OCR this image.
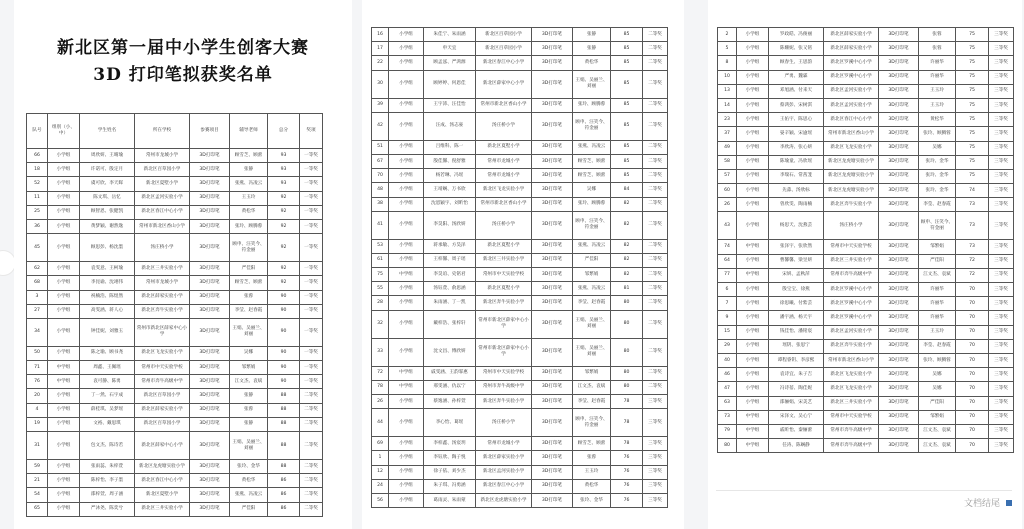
新北区第一届中小学生创客大赛
3D 打印笔拟获奖名单
队号	组别（小、中）	学生姓名	所在学校	参赛项目	辅导老师	总分	奖项
66	小学组	周欣妍、王晴瑜	常州市龙城小学	3D打印笔	顾雪芝、顾蕾	93	一等奖
18	小学组	许诺可、殷定月	新北区百草园小学	3D打印笔	张静	93	一等奖
52	小学组	虞可欣、李天晖	新北区夏墅小学	3D打印笔	张燕、冯凌云	93	一等奖
11	小学组	陈文琪、岳忆	新北区孟河实验小学	3D打印笔	王玉玲	92	一等奖
25	小学组	顾智恩、张健凯	新北区春江中心小学	3D打印笔	黄松华	92	一等奖
36	小学组	黄梦颖、谢然逸	常州市新北区香山小学	3D打印笔	张玲、顾腾蓉	92	一等奖
45	小学组	顾思彭、杨沈墨	汤庄桥小学	3D打印笔	顾申、汪笑今、符金丽	92	一等奖
62	小学组	袁雯意、王柯瑜	新北区三井实验小学	3D打印笔	严佳阳	92	一等奖
68	小学组	李昆谕、沈翊伟	常州市龙城小学	3D打印笔	顾雪芝、顾蕾	92	一等奖
3	小学组	祝楠浩、陈煜然	新北区薛家实验小学	3D打印笔	张蓉	90	一等奖
27	小学组	高雯涵、蒋人心	新北区奔牛实验小学	3D打印笔	李莹、赵春霞	90	一等奖
34	小学组	钟佳妮、刘雅玉	常州市新北区薛家中心小学	3D打印笔	王娟、吴丽兰、刘丽	90	一等奖
50	小学组	陈之瑜、顾书尧	新北区飞龙实验小学	3D打印笔	吴娜	90	一等奖
71	中学组	周鑫、王佩瑶	常州市中天实验学校	3D打印笔	邹繁娟	90	一等奖
76	中学组	袁可静、陈勇	常州市奔牛高级中学	3D打印笔	江文杰、袁斌	90	一等奖
20	小学组	丁一然、石宇成	新北区百草园小学	3D打印笔	张静	88	二等奖
4	小学组	薛桂琪、吴梦瑶	新北区薛家实验小学	3D打印笔	张蓉	88	二等奖
19	小学组	文裕、戴思琪	新北区百草园小学	3D打印笔	张静	88	二等奖
31	小学组	包文杰、陈诗若	新北区薛家中心小学	3D打印笔	王娟、吴丽兰、刘丽	88	二等奖
59	小学组	张雨蕊、朱梓萱	新北区龙虎塘实验小学	3D打印笔	张玲、金华	88	二等奖
21	小学组	陈梓怡、李子墨	新北区春江中心小学	3D打印笔	黄松华	86	二等奖
54	小学组	邵梓萱、周子涵	新北区夏墅小学	3D打印笔	张燕、冯凌云	86	二等奖
65	小学组	严沐尧、陈奕兮	新北区三井实验小学	3D打印笔	严佳阳	86	二等奖
16	小学组	朱佳宁、朱雨涵	新北区百草园小学	3D打印笔	张静	85	二等奖
17	小学组	申天宜	新北区百草园小学	3D打印笔	张静	85	二等奖
22	小学组	顾孟泓、严鸿源	新北区春江中心小学	3D打印笔	黄松华	85	二等奖
30	小学组	顾婷婷、何恩佳	新北区薛家中心小学	3D打印笔	王娟、吴丽兰、刘丽	85	二等奖
39	小学组	王宇沛、汪佳怡	常州市新北区香山小学	3D打印笔	张玲、顾腾蓉	85	二等奖
42	小学组	汪成、汤志豪	汤庄桥小学	3D打印笔	顾申、汪笑今、符金丽	85	二等奖
51	小学组	吕维科、陈一	新北区夏墅小学	3D打印笔	张燕、冯凌云	85	二等奖
67	小学组	殷佳馨、倪舒雅	常州市龙城小学	3D打印笔	顾雪芝、顾蕾	85	二等奖
70	小学组	杨若琳、冯瑶	常州市龙城小学	3D打印笔	顾雪芝、顾蕾	85	二等奖
48	小学组	王靖娴、万书欣	新北区飞龙实验小学	3D打印笔	吴娜	84	二等奖
38	小学组	沈恩颖宇、刘昕怡	常州市新北区香山小学	3D打印笔	张玲、顾腾蓉	82	二等奖
41	小学组	李昊阳、汤欣妍	汤庄桥小学	3D打印笔	顾申、汪笑今、符金丽	82	二等奖
53	小学组	蒋承敏、方昊泽	新北区夏墅小学	3D打印笔	张燕、冯凌云	82	二等奖
61	小学组	王梓馨、周子瑶	新北区三井实验小学	3D打印笔	严佳阳	82	二等奖
75	中学组	李昊谊、史铭君	常州市中天实验学校	3D打印笔	邹繁娟	82	二等奖
55	小学组	汤钰萱、俞思涵	新北区夏墅小学	3D打印笔	张燕、冯凌云	81	二等奖
28	小学组	朱雨涵、丁一凯	新北区奔牛实验小学	3D打印笔	李莹、赵春霞	80	二等奖
32	小学组	戴梓浩、张梓轩	常州市新北区薛家中心小学	3D打印笔	王娟、吴丽兰、刘丽	80	二等奖
33	小学组	沈文昌、傅欣妍	常州市新北区薛家中心小学	3D打印笔	王娟、吴丽兰、刘丽	80	二等奖
72	中学组	戚雯涵、王韵霏惠	常州市中天实验学校	3D打印笔	邹繁娟	80	二等奖
78	中学组	邢雯涵、仇以宁	常州市奔牛高级中学	3D打印笔	江文杰、袁斌	80	二等奖
26	小学组	蔡逸涵、孙梓萱	新北区奔牛实验小学	3D打印笔	李莹、赵春霞	78	三等奖
44	小学组	李心怡、葛瑶	汤庄桥小学	3D打印笔	顾申、汪笑今、符金丽	78	三等奖
69	小学组	李梓鑫、汤宸玥	常州市龙城小学	3D打印笔	顾雪芝、顾蕾	78	三等奖
1	小学组	李钰欣、陶子悦	新北区薛家实验小学	3D打印笔	张蓉	76	三等奖
12	小学组	徐子依、刘少杰	新北区孟河实验小学	3D打印笔	王玉玲	76	三等奖
24	小学组	朱子琪、冯勇涵	新北区春江中心小学	3D打印笔	黄松华	76	三等奖
56	小学组	葛雨灵、朱雨蒙	新北区龙虎塘实验小学	3D打印笔	张玲、金华	76	三等奖
2	小学组	罗政皓、冯俊丽	新北区薛家实验小学	3D打印笔	张蓉	75	三等奖
5	小学组	陈姗妮、张又铭	新北区薛家实验小学	3D打印笔	张蓉	75	三等奖
8	小学组	顾春生、王思韵	新北区罗溪中心小学	3D打印笔	许丽华	75	三等奖
10	小学组	严勇、魏霖	新北区罗溪中心小学	3D打印笔	许丽华	75	三等奖
13	小学组	邓旭涵、付来天	新北区孟河实验小学	3D打印笔	王玉玲	75	三等奖
14	小学组	蔡鸿彭、宋树淇	新北区孟河实验小学	3D打印笔	王玉玲	75	三等奖
23	小学组	王佑宇、陈思心	新北区春江中心小学	3D打印笔	黄松华	75	三等奖
37	小学组	晏辛颖、宋逾瑶	常州市新北区香山小学	3D打印笔	张玲、顾腾蓉	75	三等奖
49	小学组	李欣涛、张心妍	新北区飞龙实验小学	3D打印笔	吴娜	75	三等奖
58	小学组	陈瑜童、冯欣瑶	新北区龙虎塘实验小学	3D打印笔	张玲、金华	75	三等奖
57	小学组	李瑞石、常茜茏	新北区龙虎塘实验小学	3D打印笔	张玲、金华	75	三等奖
60	小学组	先淼、汤欣标	新北区龙虎塘实验小学	3D打印笔	张玲、金华	74	三等奖
26	小学组	曾欣雯、陶雨楠	新北区奔牛实验小学	3D打印笔	李莹、赵春霞	73	三等奖
43	小学组	杨思天、沈燕芸	汤庄桥小学	3D打印笔	顾申、汪笑今、符金丽	73	三等奖
74	中学组	张泽宇、张欣然	常州市中天实验学校	3D打印笔	邹繁娟	73	三等奖
64	小学组	曹馨馨、梁昱妍	新北区三井实验小学	3D打印笔	严佳阳	72	三等奖
77	中学组	宋妍、孟秋萍	常州市奔牛高级中学	3D打印笔	江文杰、袁斌	72	三等奖
6	小学组	殷宝宝、徐燕	新北区罗溪中心小学	3D打印笔	许丽华	70	三等奖
7	小学组	徐思曦、付紫芸	新北区罗溪中心小学	3D打印笔	许丽华	70	三等奖
9	小学组	潘宇涵、杨天宇	新北区罗溪中心小学	3D打印笔	许丽华	70	三等奖
15	小学组	钱佳怡、潘铭宸	新北区孟河实验小学	3D打印笔	王玉玲	70	三等奖
29	小学组	瑶钥、张思宁	新北区奔牛实验小学	3D打印笔	李莹、赵春霞	70	三等奖
40	小学组	谭程睿钥、李彦熙	常州市新北区香山小学	3D打印笔	张玲、顾腾蓉	70	三等奖
46	小学组	袁诗宜、朱子吉	新北区飞龙实验小学	3D打印笔	吴娜	70	三等奖
47	小学组	冯诗蓓、陶佳妮	新北区飞龙实验小学	3D打印笔	吴娜	70	三等奖
63	小学组	邵俪娟、宋美艺	新北区三井实验小学	3D打印笔	严佳阳	70	三等奖
73	中学组	宋泽文、吴心宁	常州市中天实验学校	3D打印笔	邹繁娟	70	三等奖
79	中学组	戚昕怡、秦俪蕾	常州市奔牛高级中学	3D打印笔	江文杰、袁斌	70	三等奖
80	中学组	任涛、陈娴静	常州市奔牛高级中学	3D打印笔	江文杰、袁斌	70	三等奖
文档结尾
